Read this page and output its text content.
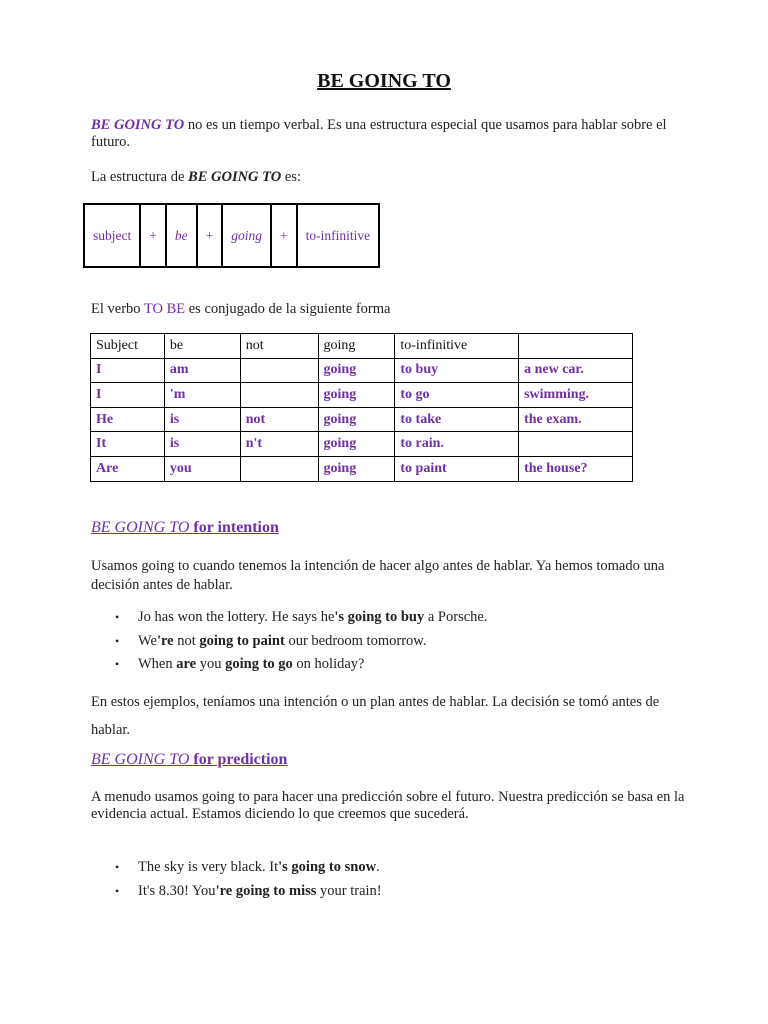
BE GOING TO
BE GOING TO no es un tiempo verbal. Es una estructura especial que usamos para hablar sobre el futuro.
La estructura de BE GOING TO es:
subject	+	be	+	going	+	to-infinitive
El verbo TO BE es conjugado de la siguiente forma
Subject	be	not	going	to-infinitive	
I	am		going	to buy	a new car.
I	'm		going	to go	swimming.
He	is	not	going	to take	the exam.
It	is	n't	going	to rain.	
Are	you		going	to paint	the house?
BE GOING TO for intention
Usamos going to cuando tenemos la intención de hacer algo antes de hablar. Ya hemos tomado una decisión antes de hablar.
• Jo has won the lottery. He says he's going to buy a Porsche.
• We're not going to paint our bedroom tomorrow.
• When are you going to go on holiday?
En estos ejemplos, teníamos una intención o un plan antes de hablar. La decisión se tomó antes de hablar.
BE GOING TO for prediction
A menudo usamos going to para hacer una predicción sobre el futuro. Nuestra predicción se basa en la evidencia actual. Estamos diciendo lo que creemos que sucederá.
• The sky is very black. It's going to snow.
• It's 8.30! You're going to miss your train!
